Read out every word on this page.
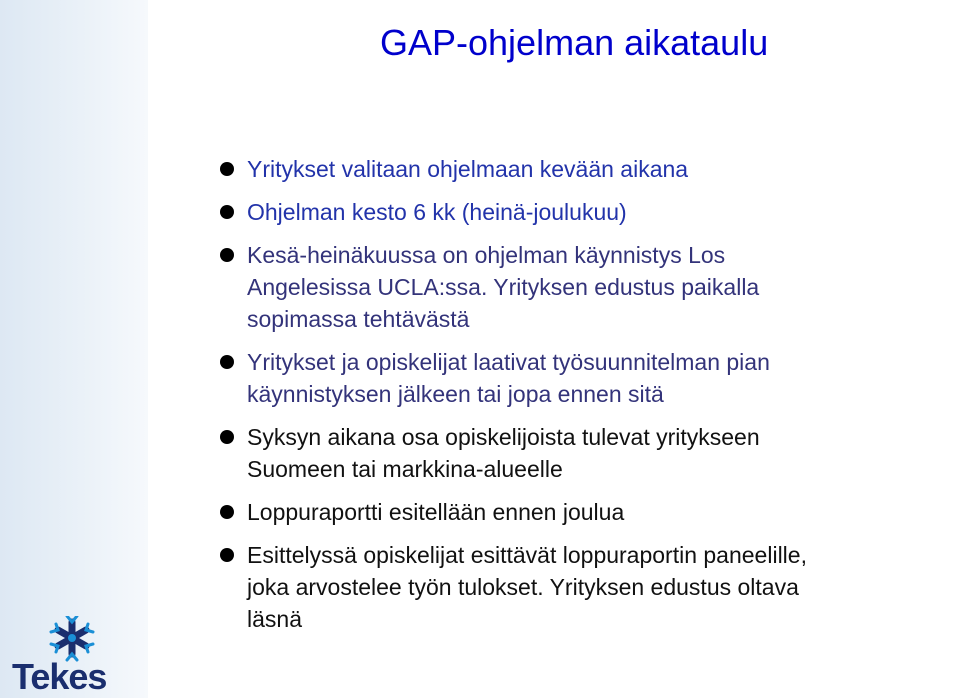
GAP-ohjelman aikataulu
Yritykset valitaan ohjelmaan kevään aikana
Ohjelman kesto 6 kk (heinä-joulukuu)
Kesä-heinäkuussa on ohjelman käynnistys Los
Angelesissa UCLA:ssa. Yrityksen edustus paikalla
sopimassa tehtävästä
Yritykset ja opiskelijat laativat työsuunnitelman pian
käynnistyksen jälkeen tai jopa ennen sitä
Syksyn aikana osa opiskelijoista tulevat yritykseen
Suomeen tai markkina-alueelle
Loppuraportti esitellään ennen joulua
Esittelyssä opiskelijat esittävät loppuraportin paneelille,
joka arvostelee työn tulokset. Yrityksen edustus oltava
läsnä
Tekes
